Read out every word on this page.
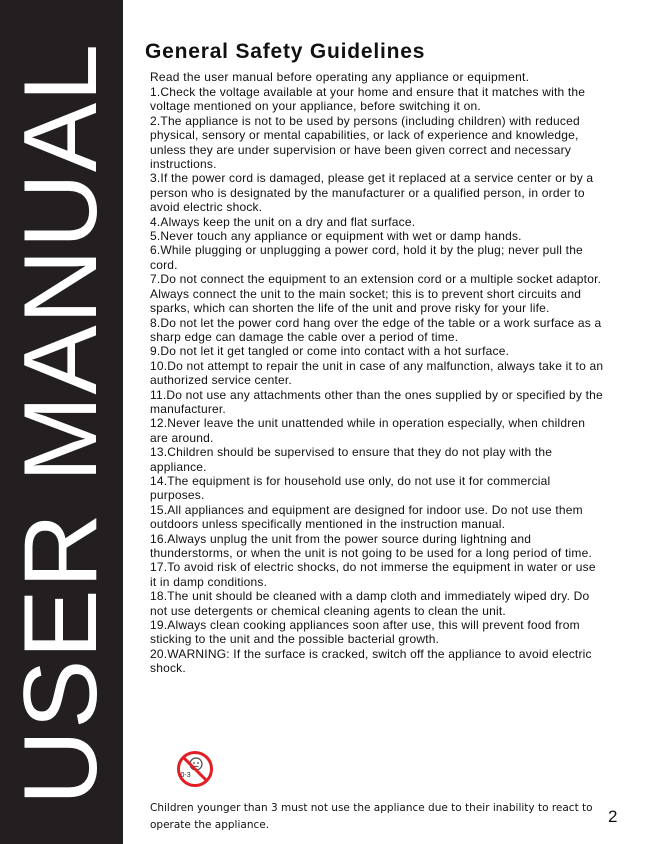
USER MANUAL General Safety Guidelines

Read the user manual before operating any appliance or equipment.

1.Check the voltage available at your home and ensure that it matches with the voltage mentioned on your appliance, before switching it on.
2.The appliance is not to be used by persons (including children) with reduced physical, sensory or mental capabilities, or lack of experience and knowledge, unless they are under supervision or have been given correct and necessary instructions.
3.If the power cord is damaged, please get it replaced at a service center or by a person who is designated by the manufacturer or a qualified person, in order to avoid electric shock.
4.Always keep the unit on a dry and flat surface.
5.Never touch any appliance or equipment with wet or damp hands.
6.While plugging or unplugging a power cord, hold it by the plug; never pull the cord.
7.Do not connect the equipment to an extension cord or a multiple socket adaptor. Always connect the unit to the main socket; this is to prevent short circuits and sparks, which can shorten the life of the unit and prove risky for your life.
8.Do not let the power cord hang over the edge of the table or a work surface as a sharp edge can damage the cable over a period of time.
9.Do not let it get tangled or come into contact with a hot surface.
10.Do not attempt to repair the unit in case of any malfunction, always take it to an authorized service center.
11.Do not use any attachments other than the ones supplied by or specified by the manufacturer.
12.Never leave the unit unattended while in operation especially, when children are around.
13.Children should be supervised to ensure that they do not play with the appliance.
14.The equipment is for household use only, do not use it for commercial purposes.
15.All appliances and equipment are designed for indoor use. Do not use them outdoors unless specifically mentioned in the instruction manual.
16.Always unplug the unit from the power source during lightning and thunderstorms, or when the unit is not going to be used for a long period of time.
17.To avoid risk of electric shocks, do not immerse the equipment in water or use it in damp conditions.
18.The unit should be cleaned with a damp cloth and immediately wiped dry. Do not use detergents or chemical cleaning agents to clean the unit.
19.Always clean cooking appliances soon after use, this will prevent food from sticking to the unit and the possible bacterial growth.
20.WARNING: If the surface is cracked, switch off the appliance to avoid electric shock.
0-3
Children younger than 3 must not use the appliance due to their inability to react to operate the appliance.	2
